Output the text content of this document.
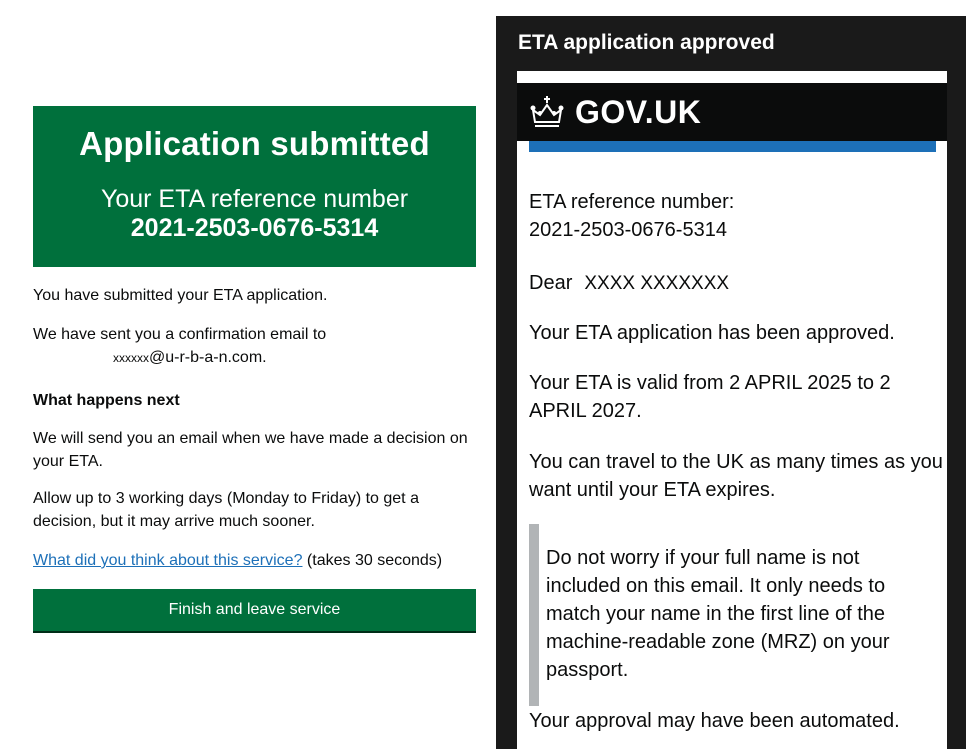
Application submitted
Your ETA reference number
2021-2503-0676-5314
You have submitted your ETA application.
We have sent you a confirmation email to
xxxxxx@u-r-b-a-n.com.
What happens next
We will send you an email when we have made a decision on your ETA.
Allow up to 3 working days (Monday to Friday) to get a decision, but it may arrive much sooner.
What did you think about this service? (takes 30 seconds)
Finish and leave service
ETA application approved
GOV.UK
ETA reference number:
2021-2503-0676-5314
Dear XXXX XXXXXXX
Your ETA application has been approved.
Your ETA is valid from 2 APRIL 2025 to 2 APRIL 2027.
You can travel to the UK as many times as you want until your ETA expires.
Do not worry if your full name is not included on this email. It only needs to match your name in the first line of the machine-readable zone (MRZ) on your passport.
Your approval may have been automated.
